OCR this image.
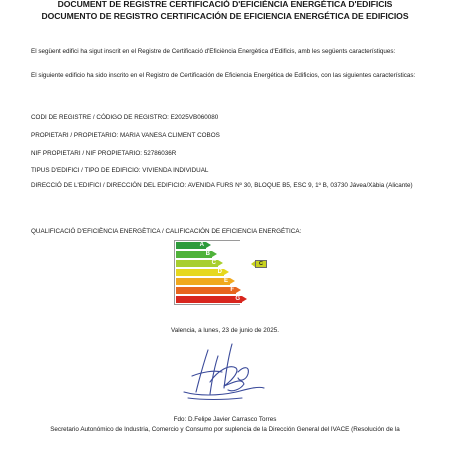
DOCUMENT DE REGISTRE CERTIFICACIÓ D'EFICIÈNCIA ENERGÈTICA D'EDIFICIS
DOCUMENTO DE REGISTRO CERTIFICACIÓN DE EFICIENCIA ENERGÉTICA DE EDIFICIOS
El següent edifici ha sigut inscrit en el Registre de Certificació d'Eficiència Energètica d'Edificis, amb les següents característiques:
El siguiente edificio ha sido inscrito en el Registro de Certificación de Eficiencia Energética de Edificios, con las siguientes características:
CODI DE REGISTRE / CÓDIGO DE REGISTRO: E2025VB060080
PROPIETARI / PROPIETARIO: MARIA VANESA CLIMENT COBOS
NIF PROPIETARI / NIF PROPIETARIO: 52786036R
TIPUS D'EDIFICI / TIPO DE EDIFICIO: VIVIENDA INDIVIDUAL
DIRECCIÓ DE L'EDIFICI / DIRECCIÓN DEL EDIFICIO: AVENIDA FURS Nº 30, BLOQUE B5, ESC 9, 1º B, 03730 Jávea/Xàbia (Alicante)
QUALIFICACIÓ D'EFICIÈNCIA ENERGÈTICA / CALIFICACIÓN DE EFICIENCIA ENERGÉTICA:
A
B
C
D
E
F
G
C
Valencia, a lunes, 23 de junio de 2025.
Fdo: D.Felipe Javier Carrasco Torres
Secretario Autonómico de Industria, Comercio y Consumo por suplencia de la Dirección General del IVACE (Resolución de la
